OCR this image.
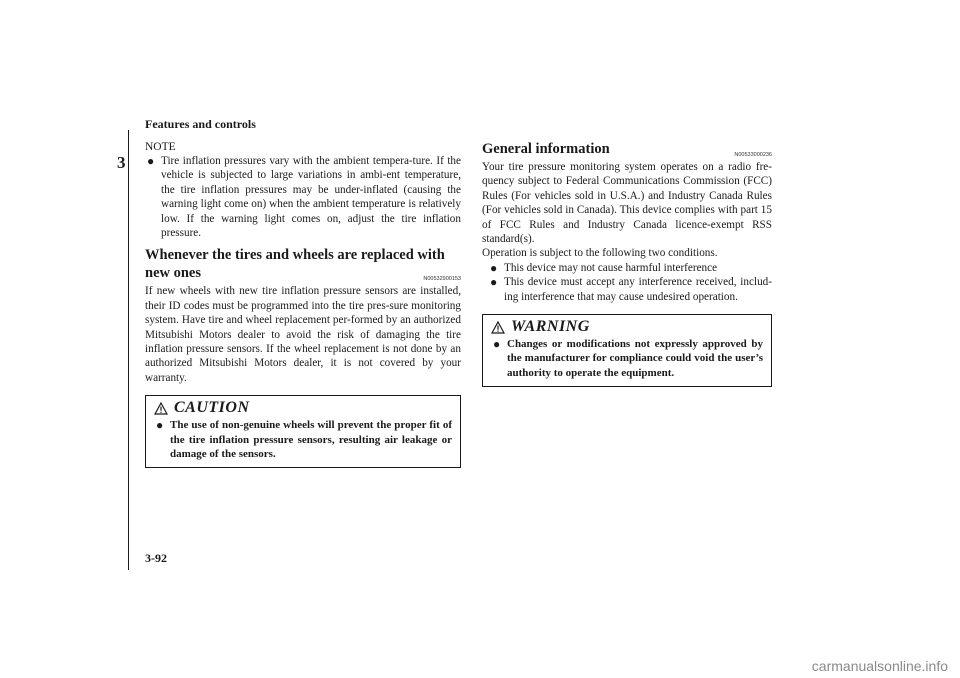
Features and controls
3
NOTE
● Tire inflation pressures vary with the ambient tempera-ture. If the vehicle is subjected to large variations in ambi-ent temperature, the tire inflation pressures may be under-inflated (causing the warning light come on) when the ambient temperature is relatively low. If the warning light comes on, adjust the tire inflation pressure.
Whenever the tires and wheels are replaced with new ones	N00532900153
If new wheels with new tire inflation pressure sensors are installed, their ID codes must be programmed into the tire pres-sure monitoring system. Have tire and wheel replacement per-formed by an authorized Mitsubishi Motors dealer to avoid the risk of damaging the tire inflation pressure sensors. If the wheel replacement is not done by an authorized Mitsubishi Motors dealer, it is not covered by your warranty.
CAUTION
● The use of non-genuine wheels will prevent the proper fit of the tire inflation pressure sensors, resulting air leakage or damage of the sensors.
General information	N00533000236
Your tire pressure monitoring system operates on a radio fre-quency subject to Federal Communications Commission (FCC) Rules (For vehicles sold in U.S.A.) and Industry Canada Rules (For vehicles sold in Canada). This device complies with part 15 of FCC Rules and Industry Canada licence-exempt RSS standard(s).
Operation is subject to the following two conditions.
● This device may not cause harmful interference
● This device must accept any interference received, includ-ing interference that may cause undesired operation.
WARNING
● Changes or modifications not expressly approved by the manufacturer for compliance could void the user’s authority to operate the equipment.
3-92
carmanualsonline.info
